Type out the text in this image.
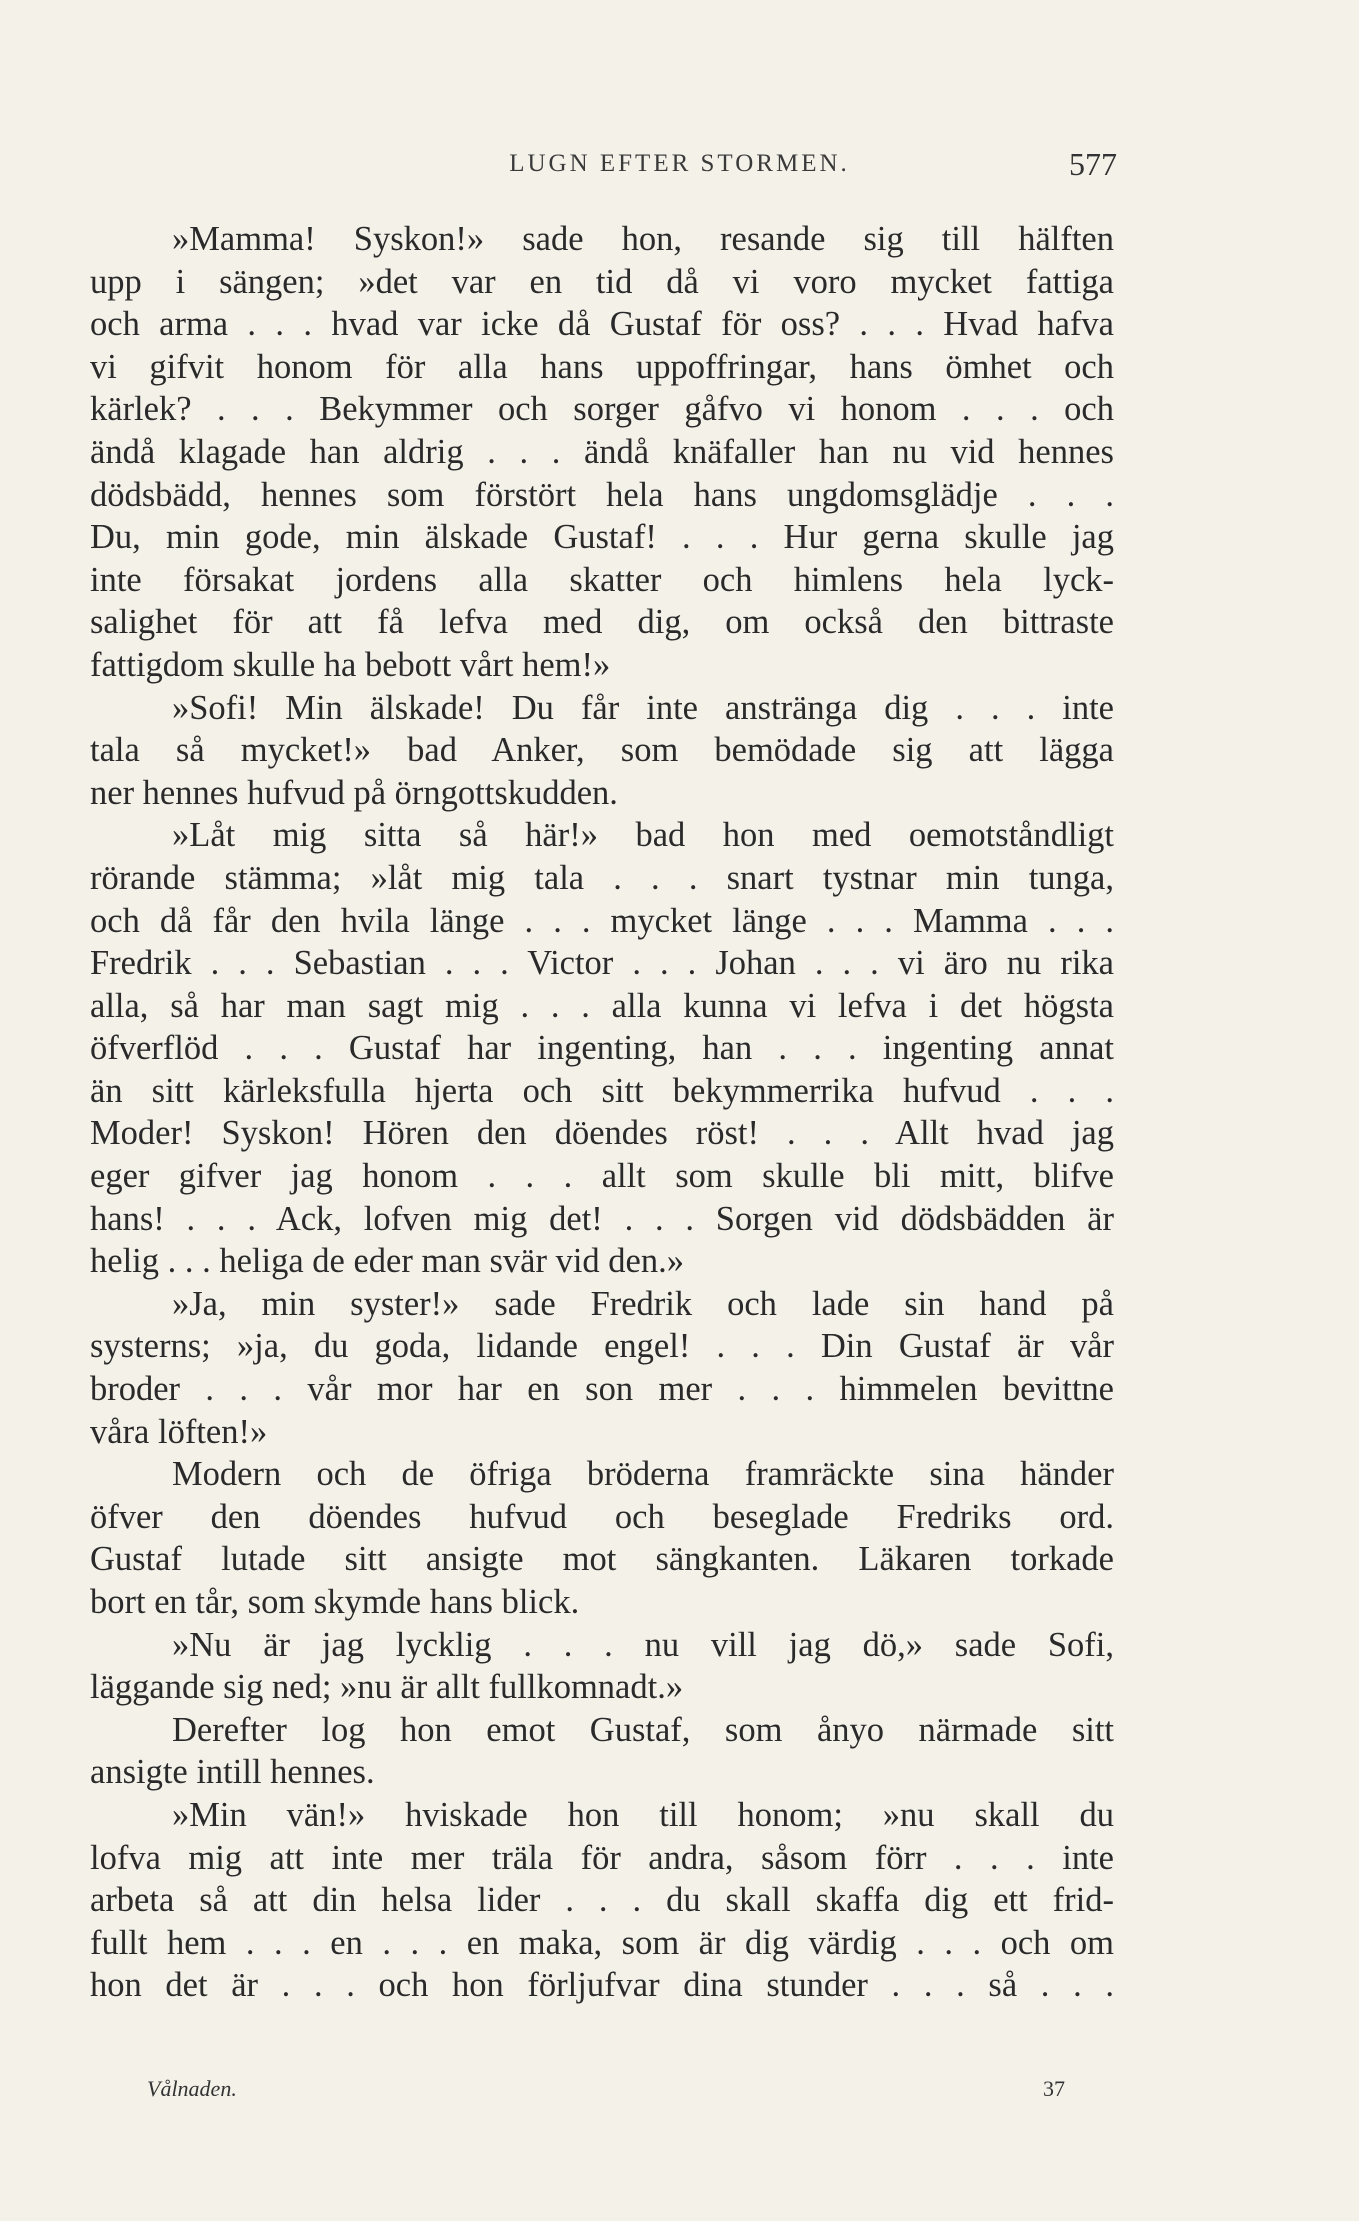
LUGN EFTER STORMEN.	577
»Mamma! Syskon!» sade hon, resande sig till hälften
upp i sängen; »det var en tid då vi voro mycket fattiga
och arma . . . hvad var icke då Gustaf för oss? . . . Hvad hafva
vi gifvit honom för alla hans uppoffringar, hans ömhet och
kärlek? . . . Bekymmer och sorger gåfvo vi honom . . . och
ändå klagade han aldrig . . . ändå knäfaller han nu vid hennes
dödsbädd, hennes som förstört hela hans ungdomsglädje . . .
Du, min gode, min älskade Gustaf! . . . Hur gerna skulle jag
inte försakat jordens alla skatter och himlens hela lyck-
salighet för att få lefva med dig, om också den bittraste
fattigdom skulle ha bebott vårt hem!»
»Sofi! Min älskade! Du får inte anstränga dig . . . inte
tala så mycket!» bad Anker, som bemödade sig att lägga
ner hennes hufvud på örngottskudden.
»Låt mig sitta så här!» bad hon med oemotståndligt
rörande stämma; »låt mig tala . . . snart tystnar min tunga,
och då får den hvila länge . . . mycket länge . . . Mamma . . .
Fredrik . . . Sebastian . . . Victor . . . Johan . . . vi äro nu rika
alla, så har man sagt mig . . . alla kunna vi lefva i det högsta
öfverflöd . . . Gustaf har ingenting, han . . . ingenting annat
än sitt kärleksfulla hjerta och sitt bekymmerrika hufvud . . .
Moder! Syskon! Hören den döendes röst! . . . Allt hvad jag
eger gifver jag honom . . . allt som skulle bli mitt, blifve
hans! . . . Ack, lofven mig det! . . . Sorgen vid dödsbädden är
helig . . . heliga de eder man svär vid den.»
»Ja, min syster!» sade Fredrik och lade sin hand på
systerns; »ja, du goda, lidande engel! . . . Din Gustaf är vår
broder . . . vår mor har en son mer . . . himmelen bevittne
våra löften!»
Modern och de öfriga bröderna framräckte sina händer
öfver den döendes hufvud och beseglade Fredriks ord.
Gustaf lutade sitt ansigte mot sängkanten. Läkaren torkade
bort en tår, som skymde hans blick.
»Nu är jag lycklig . . . nu vill jag dö,» sade Sofi,
läggande sig ned; »nu är allt fullkomnadt.»
Derefter log hon emot Gustaf, som ånyo närmade sitt
ansigte intill hennes.
»Min vän!» hviskade hon till honom; »nu skall du
lofva mig att inte mer träla för andra, såsom förr . . . inte
arbeta så att din helsa lider . . . du skall skaffa dig ett frid-
fullt hem . . . en . . . en maka, som är dig värdig . . . och om
hon det är . . . och hon förljufvar dina stunder . . . så . . .
Vålnaden.	37
